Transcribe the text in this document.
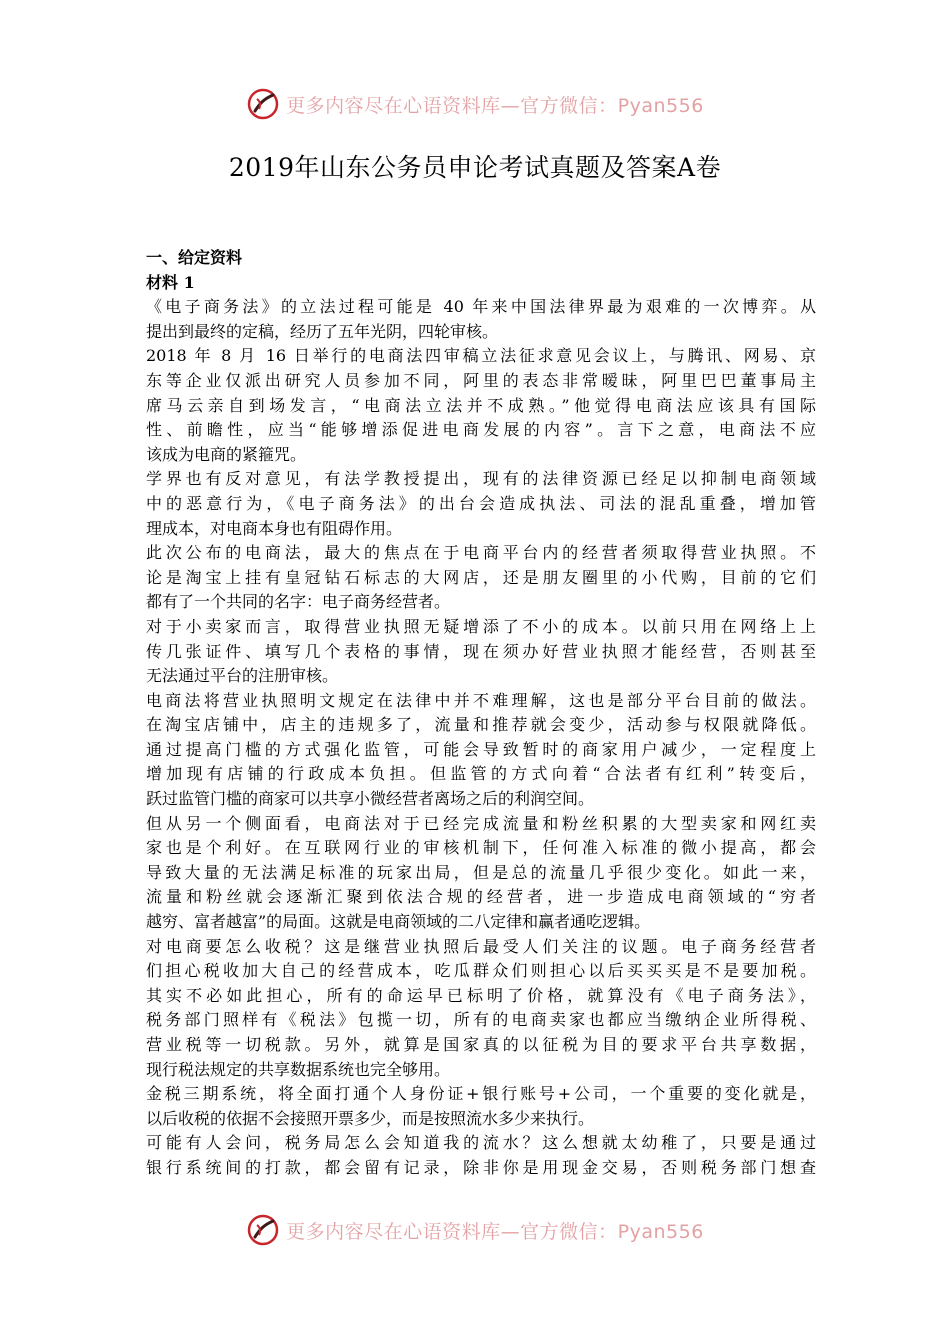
更多内容尽在心语资料库—官方微信：Pyan556
2019年山东公务员申论考试真题及答案A卷
一、给定资料
材料 1
《电子商务法》的立法过程可能是 40 年来中国法律界最为艰难的一次博弈。从
提出到最终的定稿，经历了五年光阴，四轮审核。
2018 年 8 月 16 日举行的电商法四审稿立法征求意见会议上，与腾讯、网易、京
东等企业仅派出研究人员参加不同，阿里的表态非常暧昧，阿里巴巴董事局主
席马云亲自到场发言，“电商法立法并不成熟。”他觉得电商法应该具有国际
性、前瞻性，应当“能够增添促进电商发展的内容”。言下之意，电商法不应
该成为电商的紧箍咒。
学界也有反对意见，有法学教授提出，现有的法律资源已经足以抑制电商领域
中的恶意行为，《电子商务法》的出台会造成执法、司法的混乱重叠，增加管
理成本，对电商本身也有阻碍作用。
此次公布的电商法，最大的焦点在于电商平台内的经营者须取得营业执照。不
论是淘宝上挂有皇冠钻石标志的大网店，还是朋友圈里的小代购，目前的它们
都有了一个共同的名字：电子商务经营者。
对于小卖家而言，取得营业执照无疑增添了不小的成本。以前只用在网络上上
传几张证件、填写几个表格的事情，现在须办好营业执照才能经营，否则甚至
无法通过平台的注册审核。
电商法将营业执照明文规定在法律中并不难理解，这也是部分平台目前的做法。
在淘宝店铺中，店主的违规多了，流量和推荐就会变少，活动参与权限就降低。
通过提高门槛的方式强化监管，可能会导致暂时的商家用户减少，一定程度上
增加现有店铺的行政成本负担。但监管的方式向着“合法者有红利”转变后，
跃过监管门槛的商家可以共享小微经营者离场之后的利润空间。
但从另一个侧面看，电商法对于已经完成流量和粉丝积累的大型卖家和网红卖
家也是个利好。在互联网行业的审核机制下，任何准入标准的微小提高，都会
导致大量的无法满足标准的玩家出局，但是总的流量几乎很少变化。如此一来，
流量和粉丝就会逐渐汇聚到依法合规的经营者，进一步造成电商领域的“穷者
越穷、富者越富”的局面。这就是电商领域的二八定律和赢者通吃逻辑。
对电商要怎么收税？这是继营业执照后最受人们关注的议题。电子商务经营者
们担心税收加大自己的经营成本，吃瓜群众们则担心以后买买买是不是要加税。
其实不必如此担心，所有的命运早已标明了价格，就算没有《电子商务法》，
税务部门照样有《税法》包揽一切，所有的电商卖家也都应当缴纳企业所得税、
营业税等一切税款。另外，就算是国家真的以征税为目的要求平台共享数据，
现行税法规定的共享数据系统也完全够用。
金税三期系统，将全面打通个人身份证+银行账号+公司，一个重要的变化就是，
以后收税的依据不会接照开票多少，而是按照流水多少来执行。
可能有人会问，税务局怎么会知道我的流水？这么想就太幼稚了，只要是通过
银行系统间的打款，都会留有记录，除非你是用现金交易，否则税务部门想查
更多内容尽在心语资料库—官方微信：Pyan556
